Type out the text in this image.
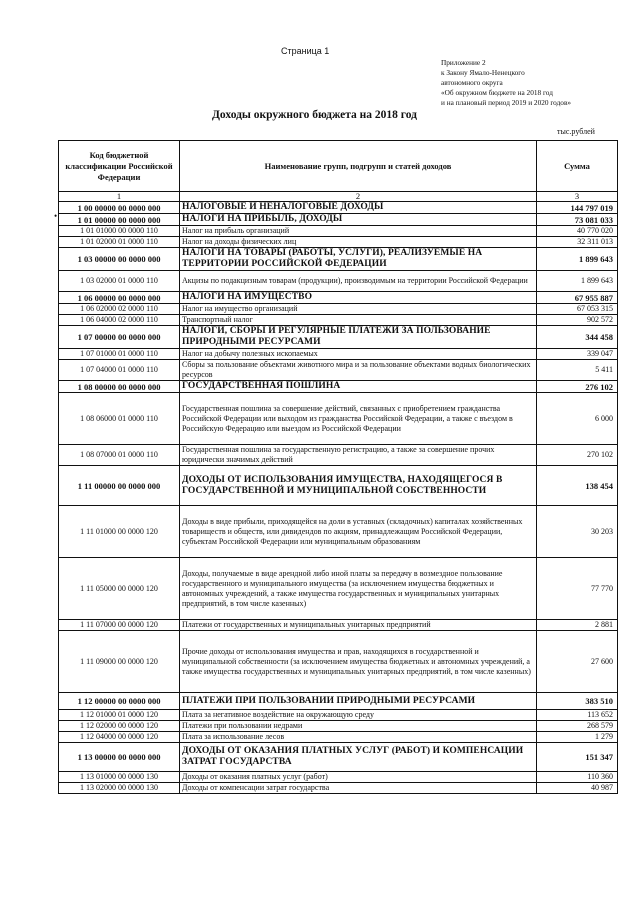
Страница 1
Приложение 2
к Закону Ямало-Ненецкого
автономного округа
«Об окружном бюджете на 2018 год
и на плановый период 2019 и 2020 годов»
Доходы окружного бюджета на 2018 год
тыс.рублей
Код бюджетной классификации Российской Федерации	Наименование групп, подгрупп и статей доходов	Сумма
1	2	3
1 00 00000 00 0000 000	НАЛОГОВЫЕ И НЕНАЛОГОВЫЕ ДОХОДЫ	144 797 019
1 01 00000 00 0000 000	НАЛОГИ НА ПРИБЫЛЬ, ДОХОДЫ	73 081 033
1 01 01000 00 0000 110	Налог на прибыль организаций	40 770 020
1 01 02000 01 0000 110	Налог на доходы физических лиц	32 311 013
1 03 00000 00 0000 000	НАЛОГИ НА ТОВАРЫ (РАБОТЫ, УСЛУГИ), РЕАЛИЗУЕМЫЕ НА ТЕРРИТОРИИ РОССИЙСКОЙ ФЕДЕРАЦИИ	1 899 643
1 03 02000 01 0000 110	Акцизы по подакцизным товарам (продукции), производимым на территории Российской Федерации	1 899 643
1 06 00000 00 0000 000	НАЛОГИ НА ИМУЩЕСТВО	67 955 887
1 06 02000 02 0000 110	Налог на имущество организаций	67 053 315
1 06 04000 02 0000 110	Транспортный налог	902 572
1 07 00000 00 0000 000	НАЛОГИ, СБОРЫ И РЕГУЛЯРНЫЕ ПЛАТЕЖИ ЗА ПОЛЬЗОВАНИЕ ПРИРОДНЫМИ РЕСУРСАМИ	344 458
1 07 01000 01 0000 110	Налог на добычу полезных ископаемых	339 047
1 07 04000 01 0000 110	Сборы за пользование объектами животного мира и за пользование объектами водных биологических ресурсов	5 411
1 08 00000 00 0000 000	ГОСУДАРСТВЕННАЯ ПОШЛИНА	276 102
1 08 06000 01 0000 110	Государственная пошлина за совершение действий, связанных с приобретением гражданства Российской Федерации или выходом из гражданства Российской Федерации, а также с въездом в Российскую Федерацию или выездом из Российской Федерации	6 000
1 08 07000 01 0000 110	Государственная пошлина за государственную регистрацию, а также за совершение прочих юридически значимых действий	270 102
1 11 00000 00 0000 000	ДОХОДЫ ОТ ИСПОЛЬЗОВАНИЯ ИМУЩЕСТВА, НАХОДЯЩЕГОСЯ В ГОСУДАРСТВЕННОЙ И МУНИЦИПАЛЬНОЙ СОБСТВЕННОСТИ	138 454
1 11 01000 00 0000 120	Доходы в виде прибыли, приходящейся на доли в уставных (складочных) капиталах хозяйственных товариществ и обществ, или дивидендов по акциям, принадлежащим Российской Федерации, субъектам Российской Федерации или муниципальным образованиям	30 203
1 11 05000 00 0000 120	Доходы, получаемые в виде арендной либо иной платы за передачу в возмездное пользование государственного и муниципального имущества (за исключением имущества бюджетных и автономных учреждений, а также имущества государственных и муниципальных унитарных предприятий, в том числе казенных)	77 770
1 11 07000 00 0000 120	Платежи от государственных и муниципальных унитарных предприятий	2 881
1 11 09000 00 0000 120	Прочие доходы от использования имущества и прав, находящихся в государственной и муниципальной собственности (за исключением имущества бюджетных и автономных учреждений, а также имущества государственных и муниципальных унитарных предприятий, в том числе казенных)	27 600
1 12 00000 00 0000 000	ПЛАТЕЖИ ПРИ ПОЛЬЗОВАНИИ ПРИРОДНЫМИ РЕСУРСАМИ	383 510
1 12 01000 01 0000 120	Плата за негативное воздействие на окружающую среду	113 652
1 12 02000 00 0000 120	Платежи при пользовании недрами	268 579
1 12 04000 00 0000 120	Плата за использование лесов	1 279
1 13 00000 00 0000 000	ДОХОДЫ ОТ ОКАЗАНИЯ ПЛАТНЫХ УСЛУГ (РАБОТ) И КОМПЕНСАЦИИ ЗАТРАТ ГОСУДАРСТВА	151 347
1 13 01000 00 0000 130	Доходы от оказания платных услуг (работ)	110 360
1 13 02000 00 0000 130	Доходы от компенсации затрат государства	40 987
•
